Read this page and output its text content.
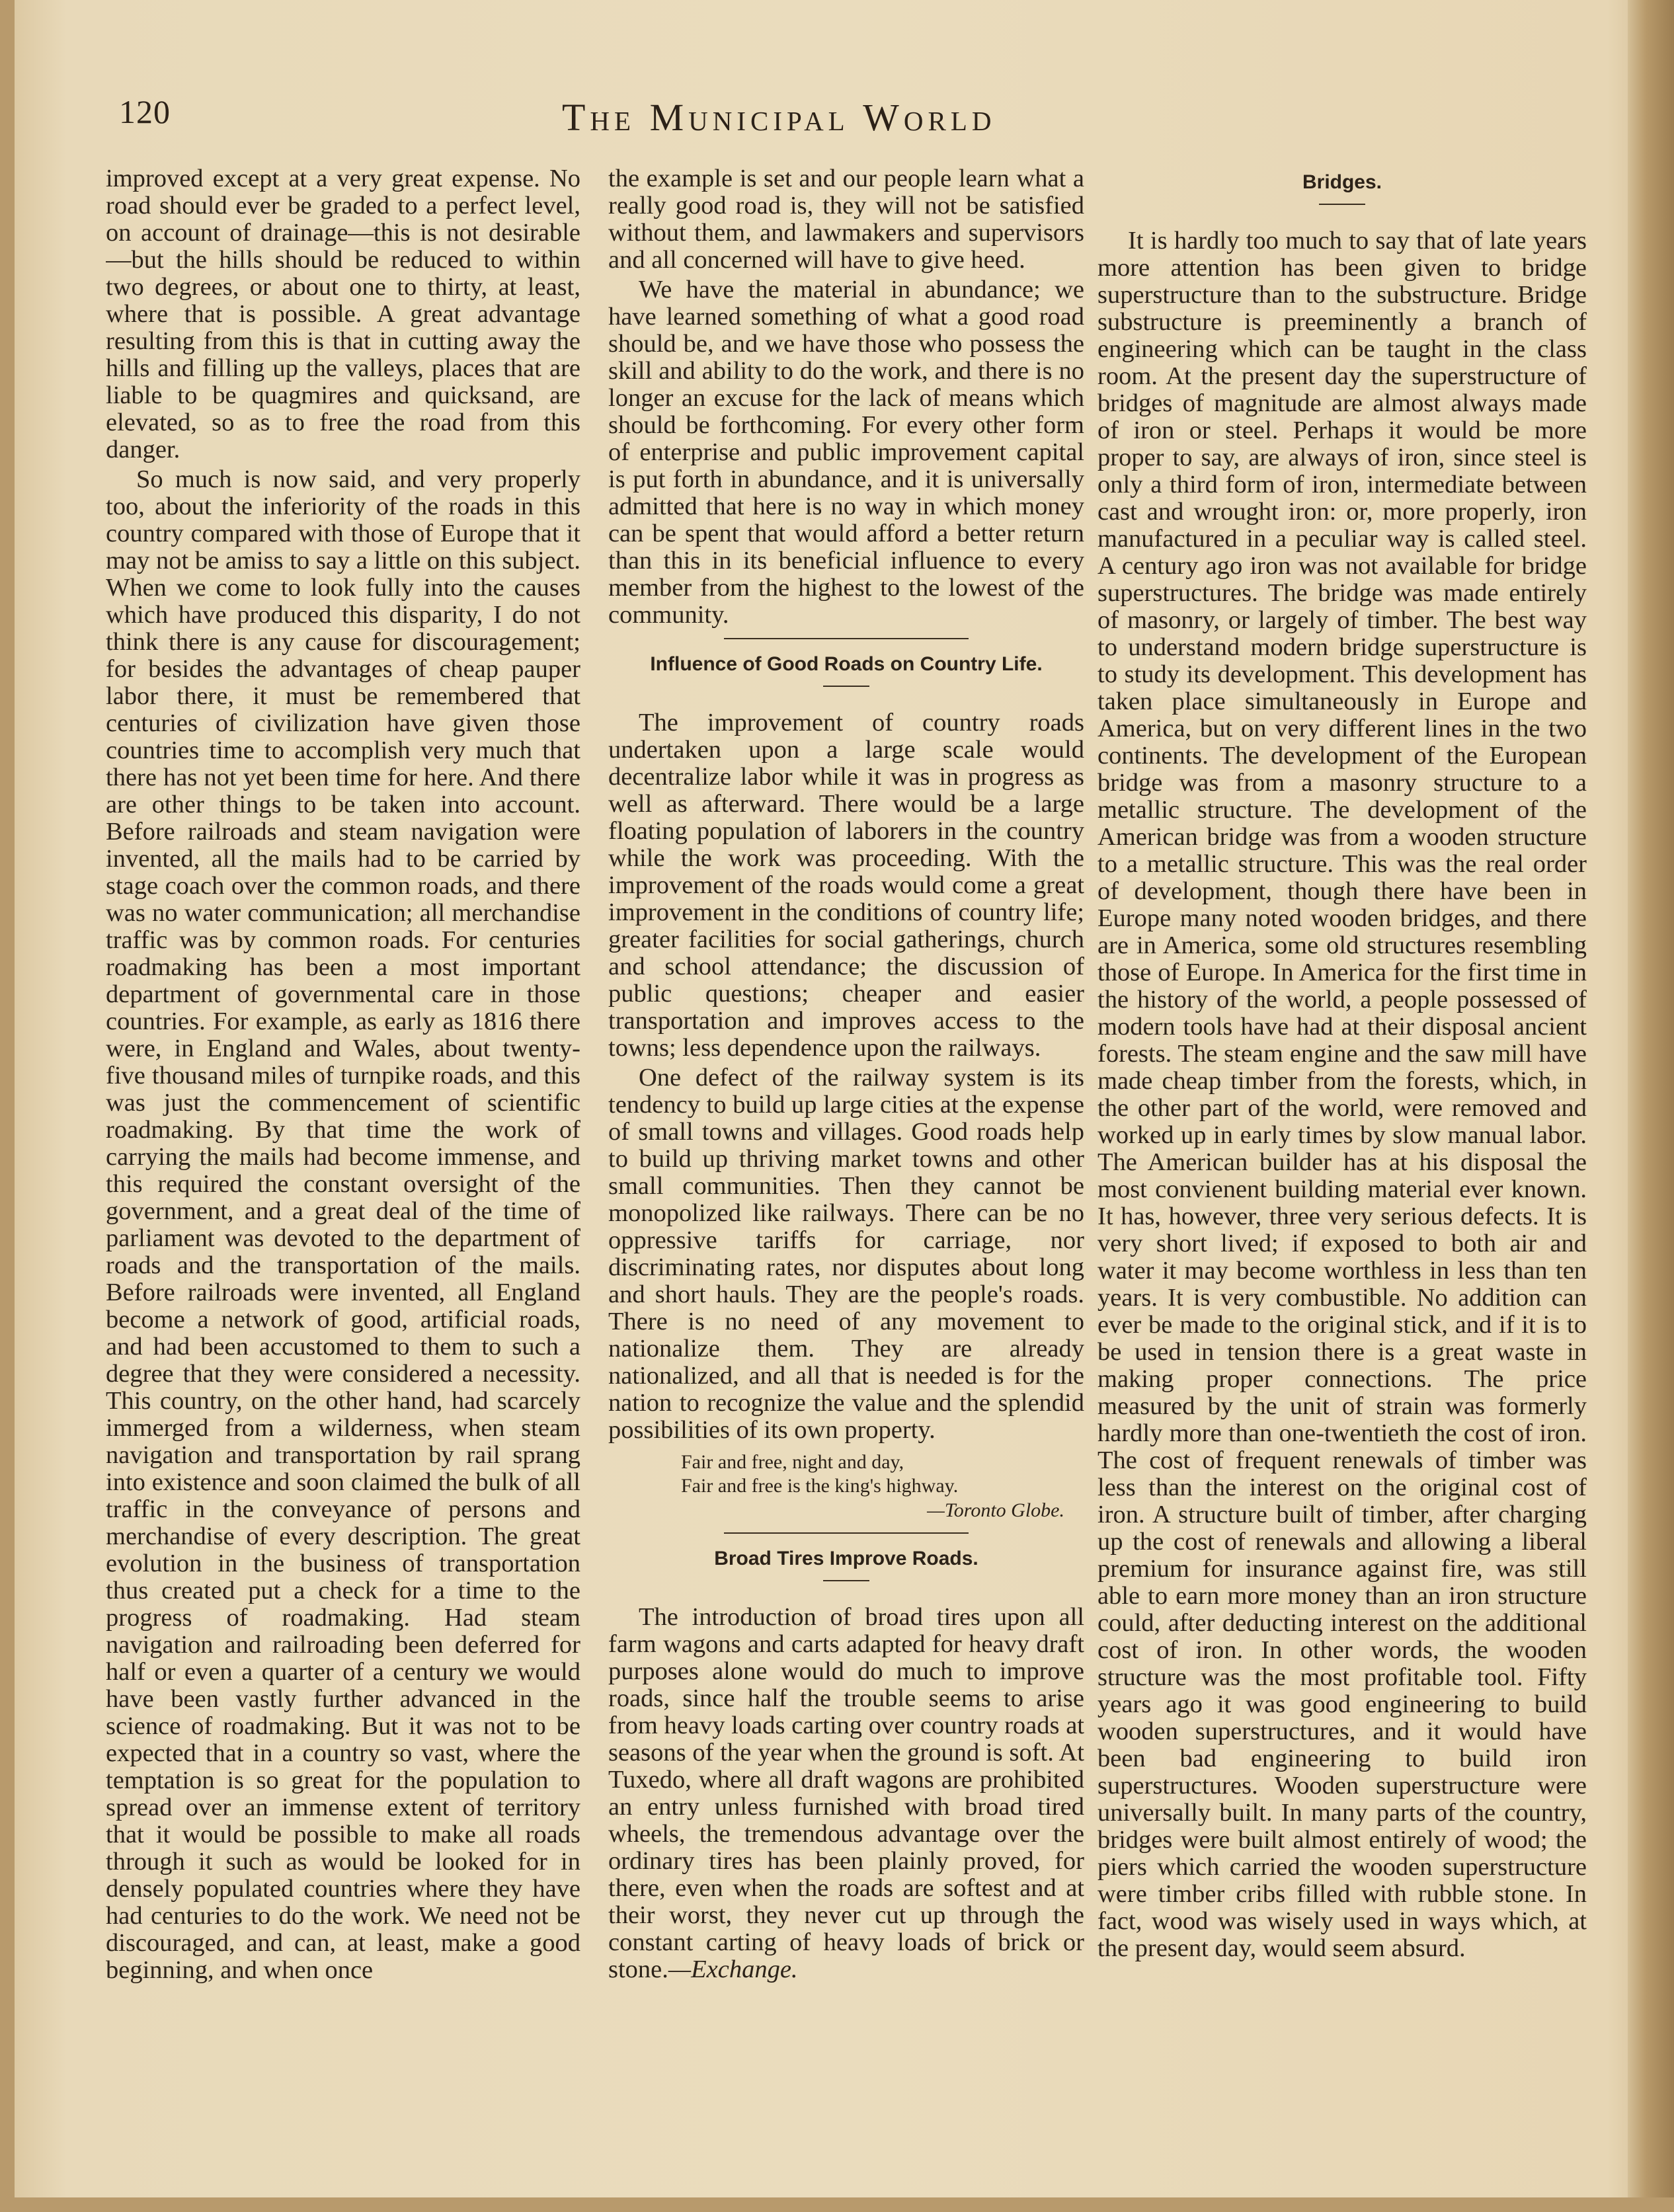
120	The Municipal World

improved except at a very great expense. No road should ever be graded to a perfect level, on account of drainage—this is not desirable—but the hills should be reduced to within two degrees, or about one to thirty, at least, where that is possible. A great advantage resulting from this is that in cutting away the hills and filling up the valleys, places that are liable to be quagmires and quicksand, are elevated, so as to free the road from this danger.

So much is now said, and very properly too, about the inferiority of the roads in this country compared with those of Europe that it may not be amiss to say a little on this subject. When we come to look fully into the causes which have produced this disparity, I do not think there is any cause for discouragement; for besides the advantages of cheap pauper labor there, it must be remembered that centuries of civilization have given those countries time to accomplish very much that there has not yet been time for here. And there are other things to be taken into account. Before railroads and steam navigation were invented, all the mails had to be carried by stage coach over the common roads, and there was no water communication; all merchandise traffic was by common roads. For centuries roadmaking has been a most important department of governmental care in those countries. For example, as early as 1816 there were, in England and Wales, about twenty-five thousand miles of turnpike roads, and this was just the commencement of scientific roadmaking. By that time the work of carrying the mails had become immense, and this required the constant oversight of the government, and a great deal of the time of parliament was devoted to the department of roads and the transportation of the mails. Before railroads were invented, all England become a network of good, artificial roads, and had been accustomed to them to such a degree that they were considered a necessity. This country, on the other hand, had scarcely immerged from a wilderness, when steam navigation and transportation by rail sprang into existence and soon claimed the bulk of all traffic in the conveyance of persons and merchandise of every description. The great evolution in the business of transportation thus created put a check for a time to the progress of roadmaking. Had steam navigation and railroading been deferred for half or even a quarter of a century we would have been vastly further advanced in the science of roadmaking. But it was not to be expected that in a country so vast, where the temptation is so great for the population to spread over an immense extent of territory that it would be possible to make all roads through it such as would be looked for in densely populated countries where they have had centuries to do the work. We need not be discouraged, and can, at least, make a good beginning, and when once

the example is set and our people learn what a really good road is, they will not be satisfied without them, and lawmakers and supervisors and all concerned will have to give heed.

We have the material in abundance; we have learned something of what a good road should be, and we have those who possess the skill and ability to do the work, and there is no longer an excuse for the lack of means which should be forthcoming. For every other form of enterprise and public improvement capital is put forth in abundance, and it is universally admitted that here is no way in which money can be spent that would afford a better return than this in its beneficial influence to every member from the highest to the lowest of the community.

Influence of Good Roads on Country Life.

The improvement of country roads undertaken upon a large scale would decentralize labor while it was in progress as well as afterward. There would be a large floating population of laborers in the country while the work was proceeding. With the improvement of the roads would come a great improvement in the conditions of country life; greater facilities for social gatherings, church and school attendance; the discussion of public questions; cheaper and easier transportation and improves access to the towns; less dependence upon the railways.

One defect of the railway system is its tendency to build up large cities at the expense of small towns and villages. Good roads help to build up thriving market towns and other small communities. Then they cannot be monopolized like railways. There can be no oppressive tariffs for carriage, nor discriminating rates, nor disputes about long and short hauls. They are the people's roads. There is no need of any movement to nationalize them. They are already nationalized, and all that is needed is for the nation to recognize the value and the splendid possibilities of its own property.

Fair and free, night and day,
Fair and free is the king's highway.
—Toronto Globe.
Broad Tires Improve Roads.

The introduction of broad tires upon all farm wagons and carts adapted for heavy draft purposes alone would do much to improve roads, since half the trouble seems to arise from heavy loads carting over country roads at seasons of the year when the ground is soft. At Tuxedo, where all draft wagons are prohibited an entry unless furnished with broad tired wheels, the tremendous advantage over the ordinary tires has been plainly proved, for there, even when the roads are softest and at their worst, they never cut up through the constant carting of heavy loads of brick or stone.—Exchange.

Bridges.

It is hardly too much to say that of late years more attention has been given to bridge superstructure than to the substructure. Bridge substructure is preeminently a branch of engineering which can be taught in the class room. At the present day the superstructure of bridges of magnitude are almost always made of iron or steel. Perhaps it would be more proper to say, are always of iron, since steel is only a third form of iron, intermediate between cast and wrought iron: or, more properly, iron manufactured in a peculiar way is called steel. A century ago iron was not available for bridge superstructures. The bridge was made entirely of masonry, or largely of timber. The best way to understand modern bridge superstructure is to study its development. This development has taken place simultaneously in Europe and America, but on very different lines in the two continents. The development of the European bridge was from a masonry structure to a metallic structure. The development of the American bridge was from a wooden structure to a metallic structure. This was the real order of development, though there have been in Europe many noted wooden bridges, and there are in America, some old structures resembling those of Europe. In America for the first time in the history of the world, a people possessed of modern tools have had at their disposal ancient forests. The steam engine and the saw mill have made cheap timber from the forests, which, in the other part of the world, were removed and worked up in early times by slow manual labor. The American builder has at his disposal the most convienent building material ever known. It has, however, three very serious defects. It is very short lived; if exposed to both air and water it may become worthless in less than ten years. It is very combustible. No addition can ever be made to the original stick, and if it is to be used in tension there is a great waste in making proper connections. The price measured by the unit of strain was formerly hardly more than one-twentieth the cost of iron. The cost of frequent renewals of timber was less than the interest on the original cost of iron. A structure built of timber, after charging up the cost of renewals and allowing a liberal premium for insurance against fire, was still able to earn more money than an iron structure could, after deducting interest on the additional cost of iron. In other words, the wooden structure was the most profitable tool. Fifty years ago it was good engineering to build wooden superstructures, and it would have been bad engineering to build iron superstructures. Wooden superstructure were universally built. In many parts of the country, bridges were built almost entirely of wood; the piers which carried the wooden superstructure were timber cribs filled with rubble stone. In fact, wood was wisely used in ways which, at the present day, would seem absurd.
